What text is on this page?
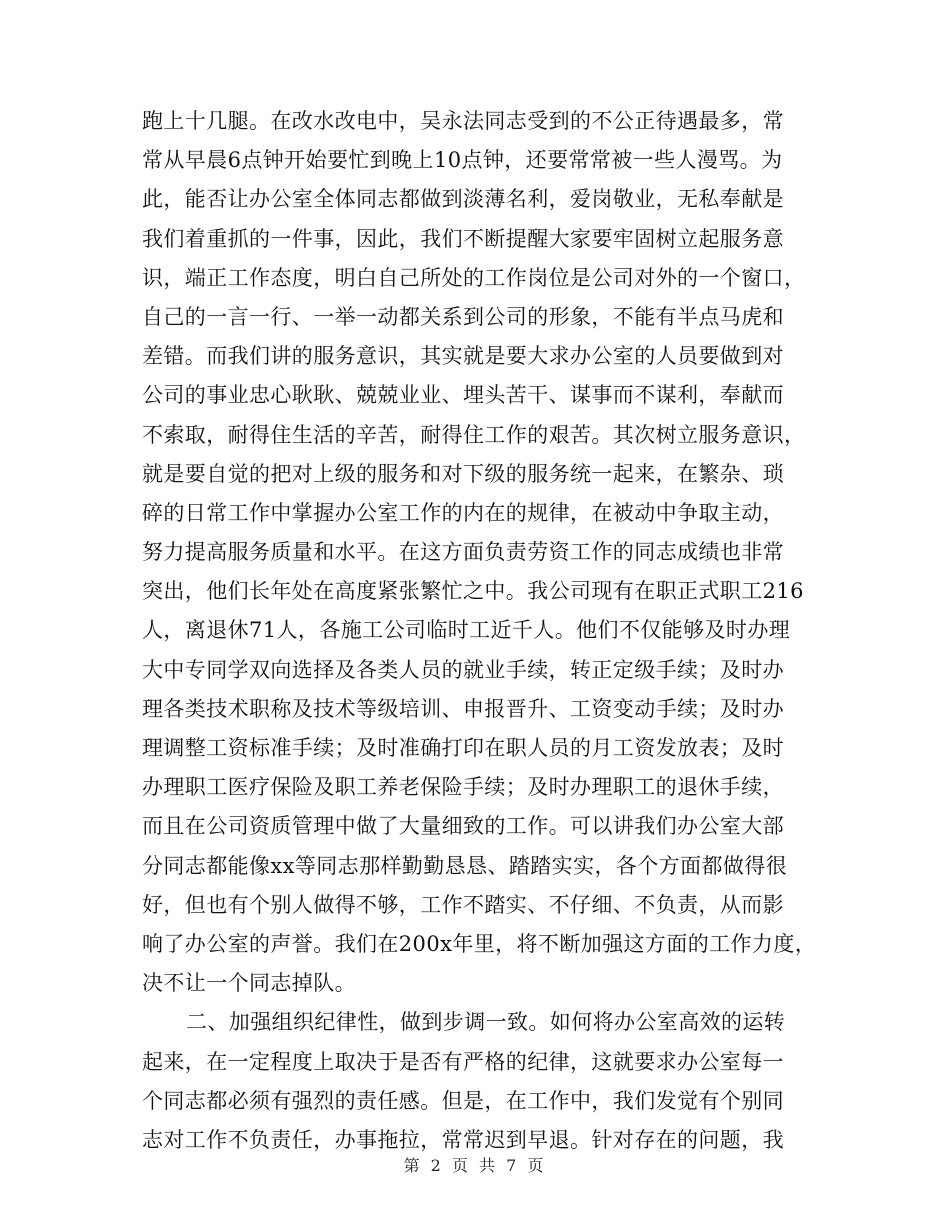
跑上十几腿。在改水改电中，吴永法同志受到的不公正待遇最多，常
常从早晨6点钟开始要忙到晚上10点钟，还要常常被一些人漫骂。为
此，能否让办公室全体同志都做到淡薄名利，爱岗敬业，无私奉献是
我们着重抓的一件事，因此，我们不断提醒大家要牢固树立起服务意
识，端正工作态度，明白自己所处的工作岗位是公司对外的一个窗口，
自己的一言一行、一举一动都关系到公司的形象，不能有半点马虎和
差错。而我们讲的服务意识，其实就是要大求办公室的人员要做到对
公司的事业忠心耿耿、兢兢业业、埋头苦干、谋事而不谋利，奉献而
不索取，耐得住生活的辛苦，耐得住工作的艰苦。其次树立服务意识，
就是要自觉的把对上级的服务和对下级的服务统一起来，在繁杂、琐
碎的日常工作中掌握办公室工作的内在的规律，在被动中争取主动，
努力提高服务质量和水平。在这方面负责劳资工作的同志成绩也非常
突出，他们长年处在高度紧张繁忙之中。我公司现有在职正式职工216
人，离退休71人，各施工公司临时工近千人。他们不仅能够及时办理
大中专同学双向选择及各类人员的就业手续，转正定级手续；及时办
理各类技术职称及技术等级培训、申报晋升、工资变动手续；及时办
理调整工资标准手续；及时准确打印在职人员的月工资发放表；及时
办理职工医疗保险及职工养老保险手续；及时办理职工的退休手续，
而且在公司资质管理中做了大量细致的工作。可以讲我们办公室大部
分同志都能像xx等同志那样勤勤恳恳、踏踏实实，各个方面都做得很
好，但也有个别人做得不够，工作不踏实、不仔细、不负责，从而影
响了办公室的声誉。我们在200x年里，将不断加强这方面的工作力度，
决不让一个同志掉队。
二、加强组织纪律性，做到步调一致。如何将办公室高效的运转
起来，在一定程度上取决于是否有严格的纪律，这就要求办公室每一
个同志都必须有强烈的责任感。但是，在工作中，我们发觉有个别同
志对工作不负责任，办事拖拉，常常迟到早退。针对存在的问题，我
第 2 页 共 7 页
